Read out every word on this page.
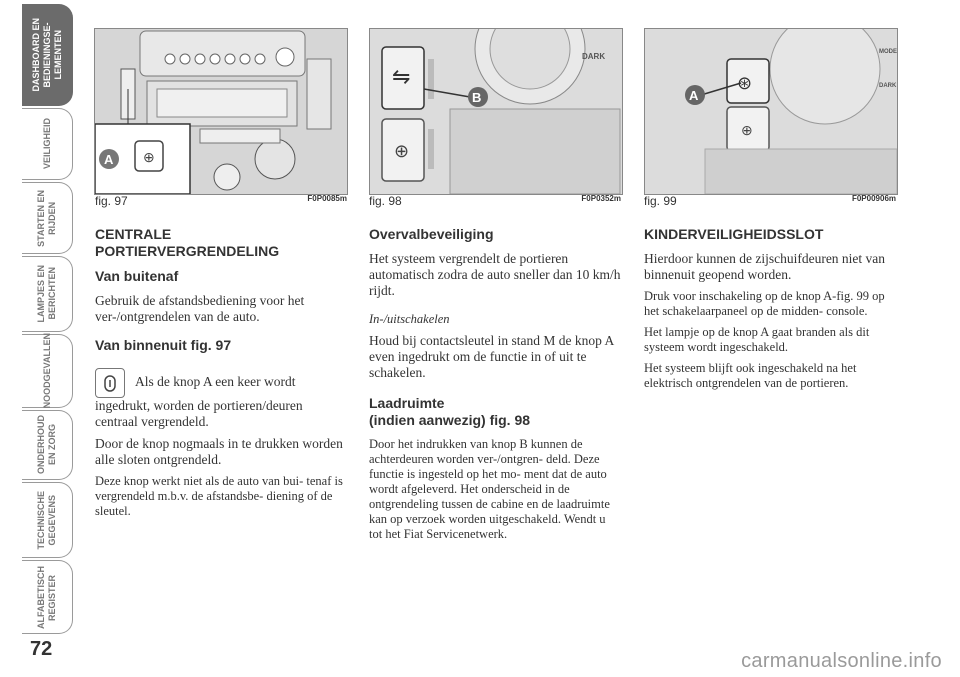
DASHBOARD EN
BEDIENINGSE-
LEMENTEN
VEILIGHEID
STARTEN EN
RIJDEN
LAMPJES EN
BERICHTEN
NOODGEVALLEN
ONDERHOUD
EN ZORG
TECHNISCHE
GEGEVENS
ALFABETISCH
REGISTER
72
⊕
A
fig. 97	F0P0085m
⇋
⊕
B
DARK
fig. 98	F0P0352m
⊛
⊕
A
MODE
DARK
fig. 99	F0P00906m
CENTRALE
PORTIERVERGRENDELING
Van buitenaf

Gebruik de afstandsbediening voor het ver-/ontgrendelen van de auto.

Van binnenuit fig. 97

Als de knop A een keer wordt ingedrukt, worden de portieren/deuren centraal vergrendeld.

Door de knop nogmaals in te drukken worden alle sloten ontgrendeld.

Deze knop werkt niet als de auto van bui- tenaf is vergrendeld m.b.v. de afstandsbe- diening of de sleutel.

Overvalbeveiliging

Het systeem vergrendelt de portieren automatisch zodra de auto sneller dan 10 km/h rijdt.

In-/uitschakelen

Houd bij contactsleutel in stand M de knop A even ingedrukt om de functie in of uit te schakelen.

Laadruimte
(indien aanwezig) fig. 98

Door het indrukken van knop B kunnen de achterdeuren worden ver-/ontgren- deld. Deze functie is ingesteld op het mo- ment dat de auto wordt afgeleverd. Het onderscheid in de ontgrendeling tussen de cabine en de laadruimte kan op verzoek worden uitgeschakeld. Wendt u tot het Fiat Servicenetwerk.

KINDERVEILIGHEIDSSLOT

Hierdoor kunnen de zijschuifdeuren niet van binnenuit geopend worden.

Druk voor inschakeling op de knop A-fig. 99 op het schakelaarpaneel op de midden- console.

Het lampje op de knop A gaat branden als dit systeem wordt ingeschakeld.

Het systeem blijft ook ingeschakeld na het elektrisch ontgrendelen van de portieren.

carmanualsonline.info
